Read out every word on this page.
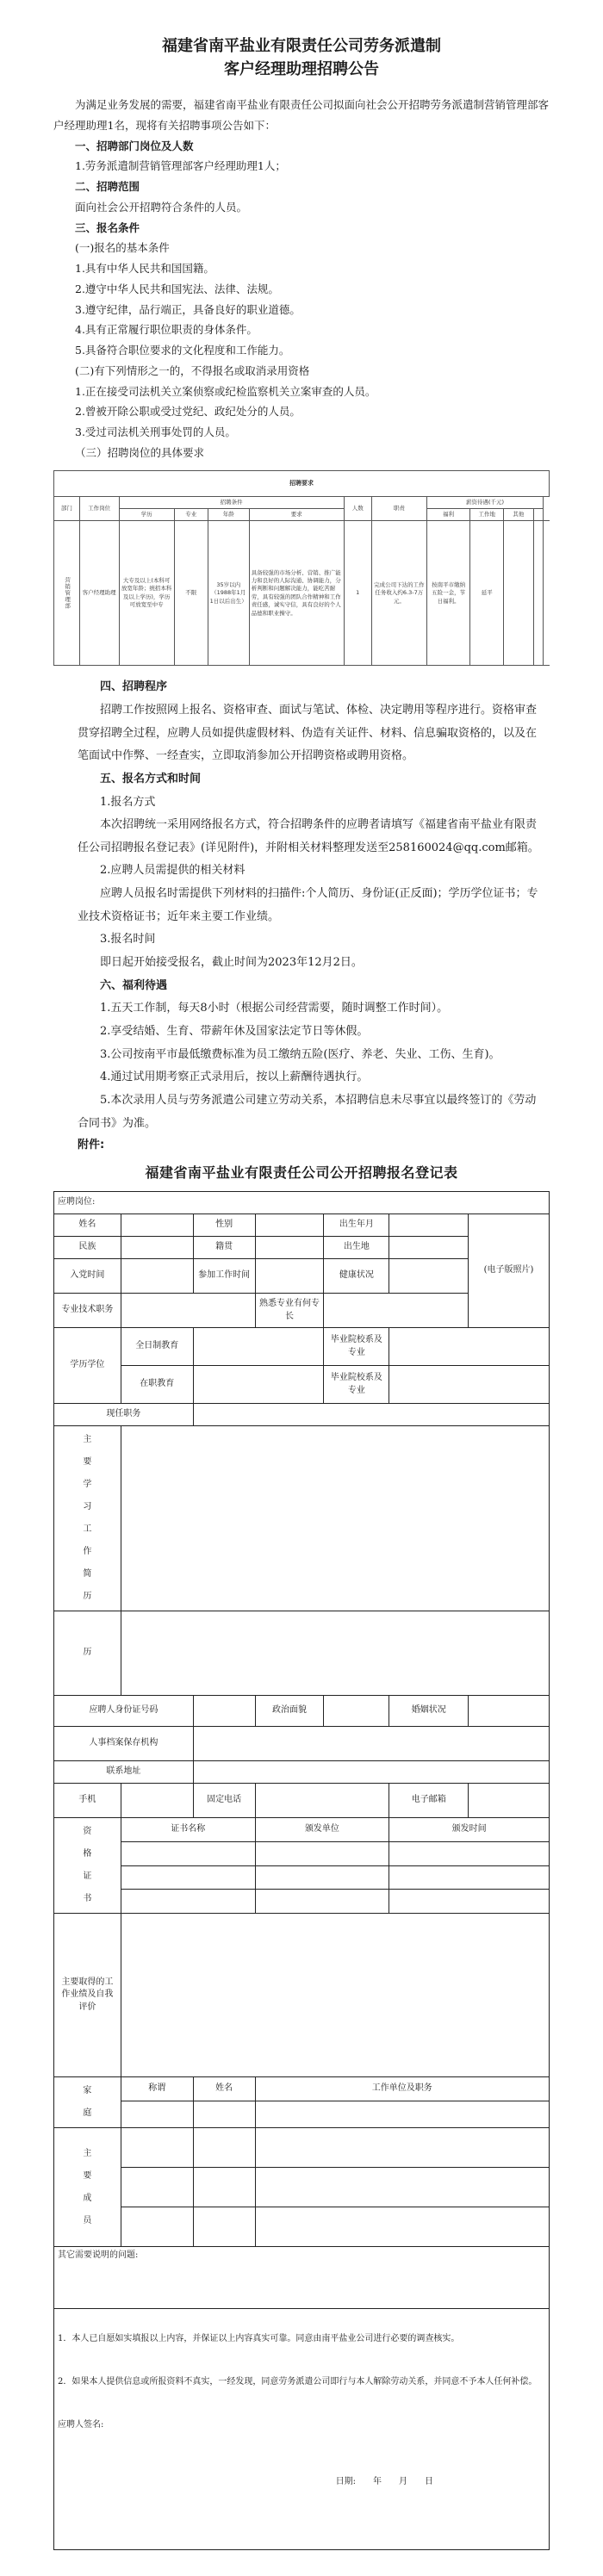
福建省南平盐业有限责任公司劳务派遣制
客户经理助理招聘公告

为满足业务发展的需要，福建省南平盐业有限责任公司拟面向社会公开招聘劳务派遣制营销管理部客户经理助理1名，现将有关招聘事项公告如下：

一、招聘部门岗位及人数

1.劳务派遣制营销管理部客户经理助理1人；

二、招聘范围

面向社会公开招聘符合条件的人员。

三、报名条件

(一)报名的基本条件

1.具有中华人民共和国国籍。

2.遵守中华人民共和国宪法、法律、法规。

3.遵守纪律，品行端正，具备良好的职业道德。

4.具有正常履行职位职责的身体条件。

5.具备符合职位要求的文化程度和工作能力。

(二)有下列情形之一的，不得报名或取消录用资格

1.正在接受司法机关立案侦察或纪检监察机关立案审查的人员。

2.曾被开除公职或受过党纪、政纪处分的人员。

3.受过司法机关刑事处罚的人员。

（三）招聘岗位的具体要求

招聘要求												
部门	工作岗位	招聘条件				人数	职责	薪资待遇(千元)				
		学历	专业	年龄	要求			福利	工作地	其他		

营销管理部	客户经理助理	大专及以上(本科可放宽年龄；统招本科及以上学历)，学历可放宽至中专	不限	35岁以内（1988年1月1日以后出生）	具备较强的市场分析、营销、推广能力和良好的人际沟通、协调能力，分析判断和问题解决能力，能吃苦耐劳，具有较强的团队合作精神和工作责任感，诚实守信，具有良好的个人品德和职业操守。	1	完成公司下达的工作任务收入约6.3-7万元。	按南平市缴纳五险一金，节日福利。	延平			

四、招聘程序

招聘工作按照网上报名、资格审查、面试与笔试、体检、决定聘用等程序进行。资格审查贯穿招聘全过程，应聘人员如提供虚假材料、伪造有关证件、材料、信息骗取资格的，以及在笔面试中作弊、一经查实，立即取消参加公开招聘资格或聘用资格。

五、报名方式和时间

1.报名方式

本次招聘统一采用网络报名方式，符合招聘条件的应聘者请填写《福建省南平盐业有限责任公司招聘报名登记表》(详见附件)，并附相关材料整理发送至258160024@qq.com邮箱。

2.应聘人员需提供的相关材料

应聘人员报名时需提供下列材料的扫描件:个人简历、身份证(正反面)；学历学位证书；专业技术资格证书；近年来主要工作业绩。

3.报名时间

即日起开始接受报名，截止时间为2023年12月2日。

六、福利待遇

1.五天工作制，每天8小时（根据公司经营需要，随时调整工作时间）。

2.享受结婚、生育、带薪年休及国家法定节日等休假。

3.公司按南平市最低缴费标准为员工缴纳五险(医疗、养老、失业、工伤、生育)。

4.通过试用期考察正式录用后，按以上薪酬待遇执行。

5.本次录用人员与劳务派遣公司建立劳动关系，本招聘信息未尽事宜以最终签订的《劳动合同书》为准。

附件:

福建省南平盐业有限责任公司公开招聘报名登记表
应聘岗位:						
姓名		性别		出生年月		(电子版照片)
民族		籍贯		出生地		
入党时间		参加工作时间		健康状况		
专业技术职务			熟悉专业有何专长			
学历学位	全日制教育			毕业院校系及专业		
	在职教育			毕业院校系及专业		
现任职务						
主要学习工作简历						
历						
应聘人身份证号码			政治面貌		婚姻状况	
人事档案保存机构						
联系地址						
手机		固定电话			电子邮箱	
资格证书	证书名称		颁发单位		颁发时间	

主要取得的工作业绩及自我评价						
家庭	称谓	姓名	工作单位及职务			

主要成员						

其它需要说明的问题:						

1．本人已自愿如实填报以上内容，并保证以上内容真实可靠。同意由南平盐业公司进行必要的调查核实。
2．如果本人提供信息或所报资料不真实，一经发现，同意劳务派遣公司即行与本人解除劳动关系，并同意不予本人任何补偿。
应聘人签名:
日期:　　年　　月　　日						
